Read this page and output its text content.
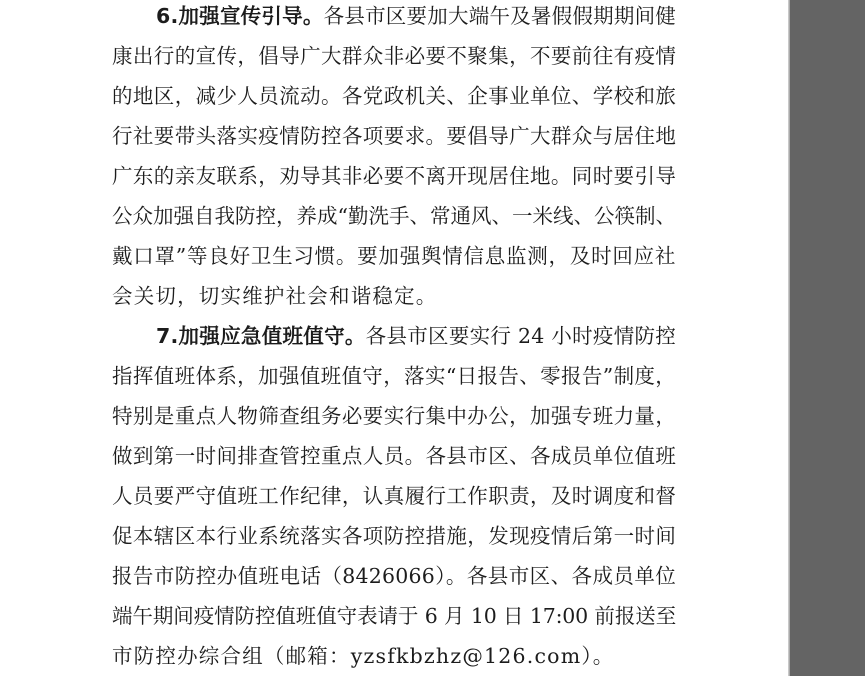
6.加强宣传引导。各县市区要加大端午及暑假假期期间健
康出行的宣传，倡导广大群众非必要不聚集，不要前往有疫情
的地区，减少人员流动。各党政机关、企事业单位、学校和旅
行社要带头落实疫情防控各项要求。要倡导广大群众与居住地
广东的亲友联系，劝导其非必要不离开现居住地。同时要引导
公众加强自我防控，养成“勤洗手、常通风、一米线、公筷制、
戴口罩”等良好卫生习惯。要加强舆情信息监测，及时回应社
会关切，切实维护社会和谐稳定。
7.加强应急值班值守。各县市区要实行 24 小时疫情防控
指挥值班体系，加强值班值守，落实“日报告、零报告”制度，
特别是重点人物筛查组务必要实行集中办公，加强专班力量，
做到第一时间排查管控重点人员。各县市区、各成员单位值班
人员要严守值班工作纪律，认真履行工作职责，及时调度和督
促本辖区本行业系统落实各项防控措施，发现疫情后第一时间
报告市防控办值班电话（8426066）。各县市区、各成员单位
端午期间疫情防控值班值守表请于 6 月 10 日 17:00 前报送至
市防控办综合组（邮箱：yzsfkbzhz@126.com）。
